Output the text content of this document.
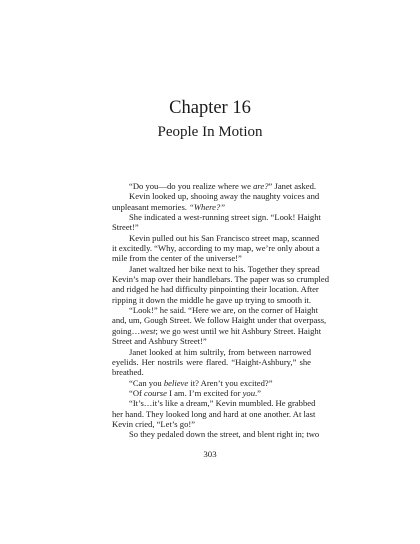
Chapter 16
People In Motion
“Do you—do you realize where we are?” Janet asked.
Kevin looked up, shooing away the naughty voices and
unpleasant memories. “Where?”
She indicated a west-running street sign. “Look! Haight
Street!”
Kevin pulled out his San Francisco street map, scanned
it excitedly. “Why, according to my map, we’re only about a
mile from the center of the universe!”
Janet waltzed her bike next to his. Together they spread
Kevin’s map over their handlebars. The paper was so crumpled
and ridged he had difficulty pinpointing their location. After
ripping it down the middle he gave up trying to smooth it.
“Look!” he said. “Here we are, on the corner of Haight
and, um, Gough Street. We follow Haight under that overpass,
going…west; we go west until we hit Ashbury Street. Haight
Street and Ashbury Street!”
Janet looked at him sultrily, from between narrowed
eyelids. Her nostrils were flared. “Haight-Ashbury,” she
breathed.
“Can you believe it? Aren’t you excited?”
“Of course I am. I’m excited for you.”
“It’s…it’s like a dream,” Kevin mumbled. He grabbed
her hand. They looked long and hard at one another. At last
Kevin cried, “Let’s go!”
So they pedaled down the street, and blent right in; two
303
